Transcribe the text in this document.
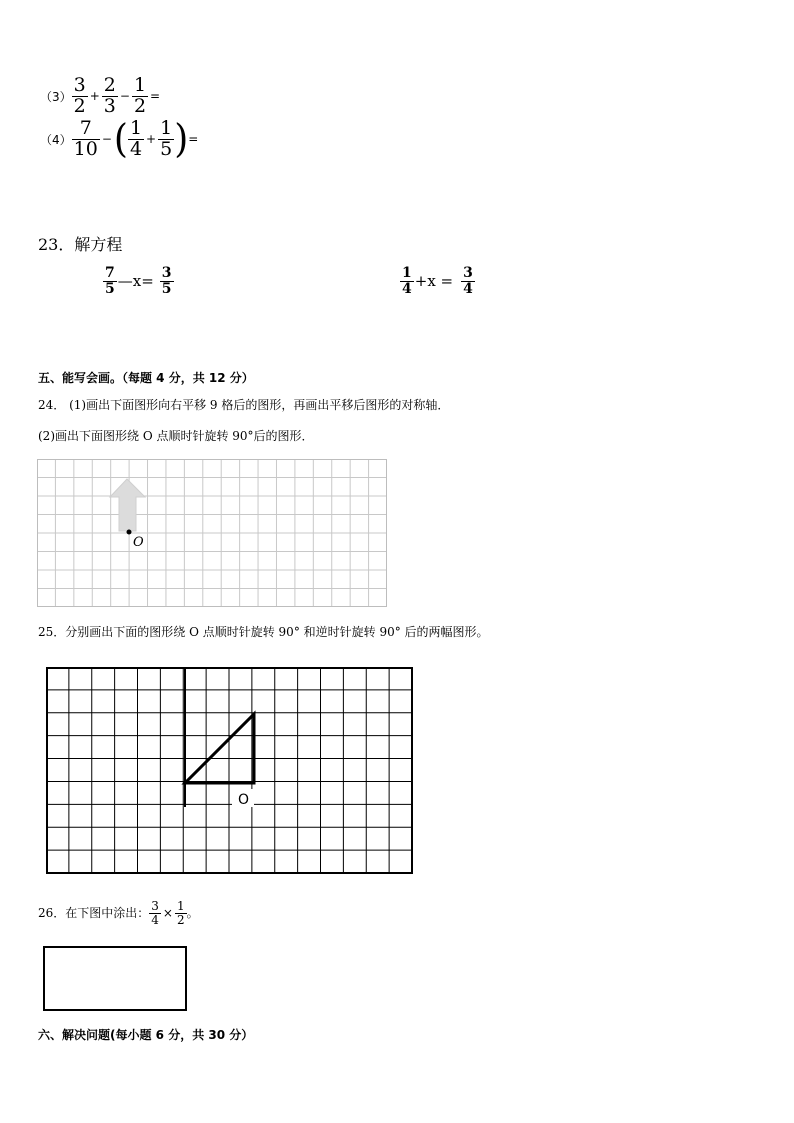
$(3) \frac{3}{2} + \frac{2}{3} - \frac{1}{2}$ =
$(4) \frac{7}{10}$ − ( $\frac{1}{4} + \frac{1}{5}$ ) =
23．解方程
$\frac{7}{5}$ —x= $\frac{3}{5}$	$\frac{1}{4} +x = \frac{3}{4}$
五、能写会画。（每题 4 分，共 12 分）
24． (1)画出下面图形向右平移 9 格后的图形，再画出平移后图形的对称轴．
(2)画出下面图形绕 O 点顺时针旋转 90°后的图形．
O
25．分别画出下面的图形绕 O 点顺时针旋转 90° 和逆时针旋转 90° 后的两幅图形。
O
26．在下图中涂出： $\frac{3}{4} \times \frac{1}{2}$ 。
六、解决问题(每小题 6 分，共 30 分）
